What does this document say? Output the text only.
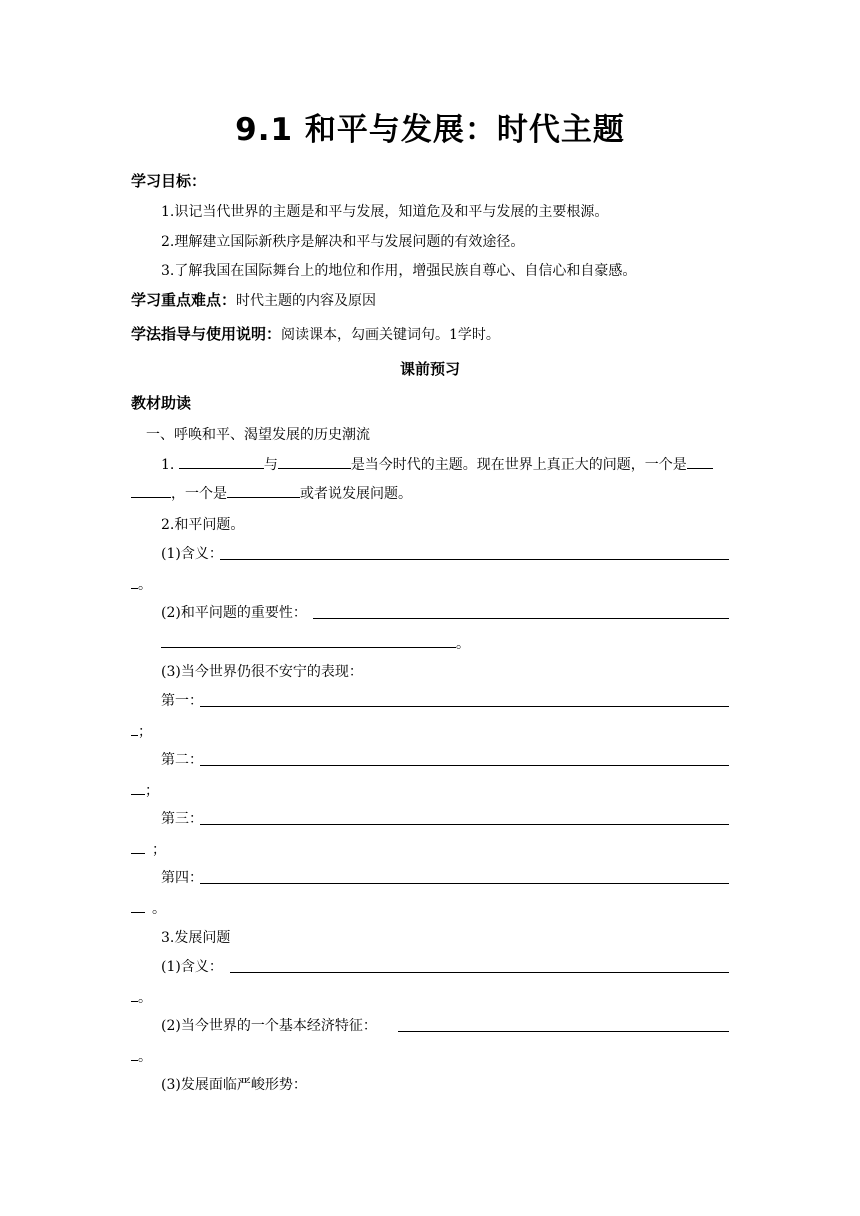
9.1 和平与发展：时代主题
学习目标：
1.识记当代世界的主题是和平与发展，知道危及和平与发展的主要根源。
2.理解建立国际新秩序是解决和平与发展问题的有效途径。
3.了解我国在国际舞台上的地位和作用，增强民族自尊心、自信心和自豪感。
学习重点难点：时代主题的内容及原因
学法指导与使用说明：阅读课本，勾画关键词句。1学时。
课前预习
教材助读
一、呼唤和平、渴望发展的历史潮流
1.	与	是当今时代的主题。现在世界上真正大的问题，一个是
，一个是	或者说发展问题。
2.和平问题。
(1)含义：
。
(2)和平问题的重要性：
。
(3)当今世界仍很不安宁的表现：
第一：
；
第二：
；
第三：
；
第四：
。
3.发展问题
(1)含义：
。
(2)当今世界的一个基本经济特征：
。
(3)发展面临严峻形势：
